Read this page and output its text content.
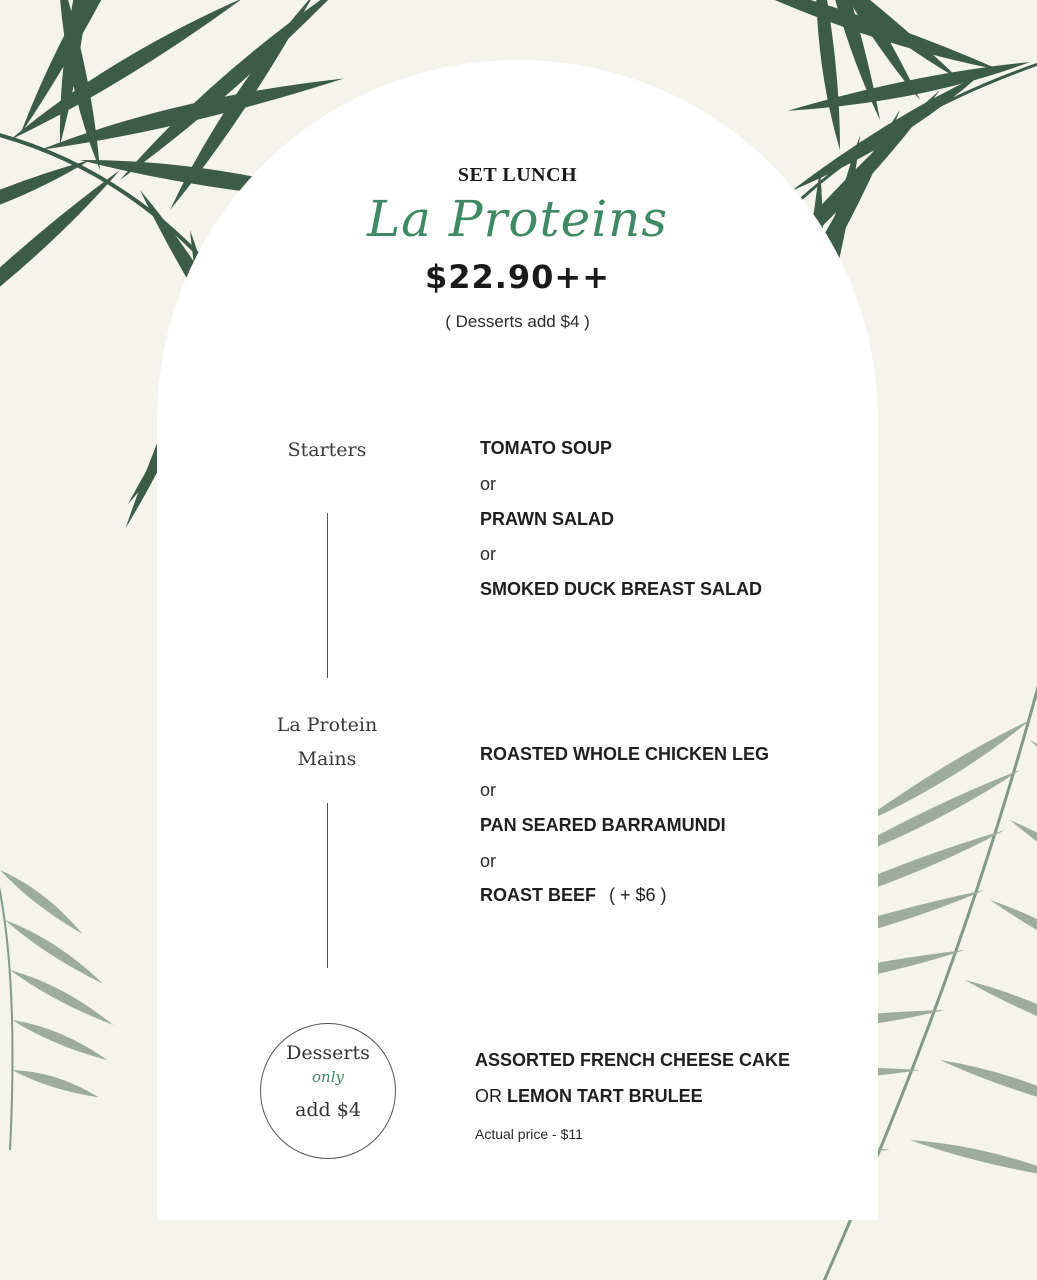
SET LUNCH
La Proteins
$22.90++
( Desserts add $4 )
Starters	TOMATO SOUP
or
PRAWN SALAD
or
SMOKED DUCK BREAST SALAD
La Protein
Mains	ROASTED WHOLE CHICKEN LEG
or
PAN SEARED BARRAMUNDI
or
ROAST BEEF ( + $6 )
Desserts
only
add $4
ASSORTED FRENCH CHEESE CAKE
OR LEMON TART BRULEE
Actual price - $11
